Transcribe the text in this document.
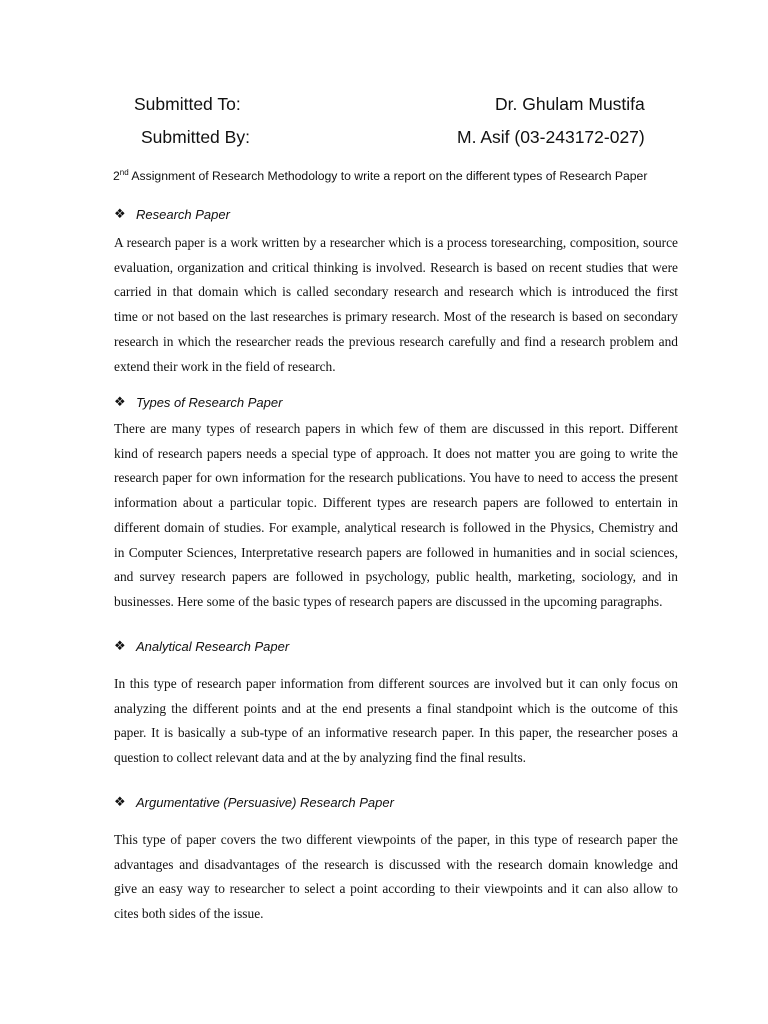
Submitted To:	Dr. Ghulam Mustifa
Submitted By:	M. Asif (03-243172-027)
2nd Assignment of Research Methodology to write a report on the different types of Research Paper
❖ Research Paper
A research paper is a work written by a researcher which is a process toresearching, composition, source
evaluation, organization and critical thinking is involved. Research is based on recent studies that were
carried in that domain which is called secondary research and research which is introduced the first
time or not based on the last researches is primary research. Most of the research is based on secondary
research in which the researcher reads the previous research carefully and find a research problem and
extend their work in the field of research.
❖ Types of Research Paper
There are many types of research papers in which few of them are discussed in this report. Different
kind of research papers needs a special type of approach. It does not matter you are going to write the
research paper for own information for the research publications. You have to need to access the present
information about a particular topic. Different types are research papers are followed to entertain in
different domain of studies. For example, analytical research is followed in the Physics, Chemistry and
in Computer Sciences, Interpretative research papers are followed in humanities and in social sciences,
and survey research papers are followed in psychology, public health, marketing, sociology, and in
businesses. Here some of the basic types of research papers are discussed in the upcoming paragraphs.
❖ Analytical Research Paper
In this type of research paper information from different sources are involved but it can only focus on
analyzing the different points and at the end presents a final standpoint which is the outcome of this
paper. It is basically a sub-type of an informative research paper. In this paper, the researcher poses a
question to collect relevant data and at the by analyzing find the final results.
❖ Argumentative (Persuasive) Research Paper
This type of paper covers the two different viewpoints of the paper, in this type of research paper the
advantages and disadvantages of the research is discussed with the research domain knowledge and
give an easy way to researcher to select a point according to their viewpoints and it can also allow to
cites both sides of the issue.
